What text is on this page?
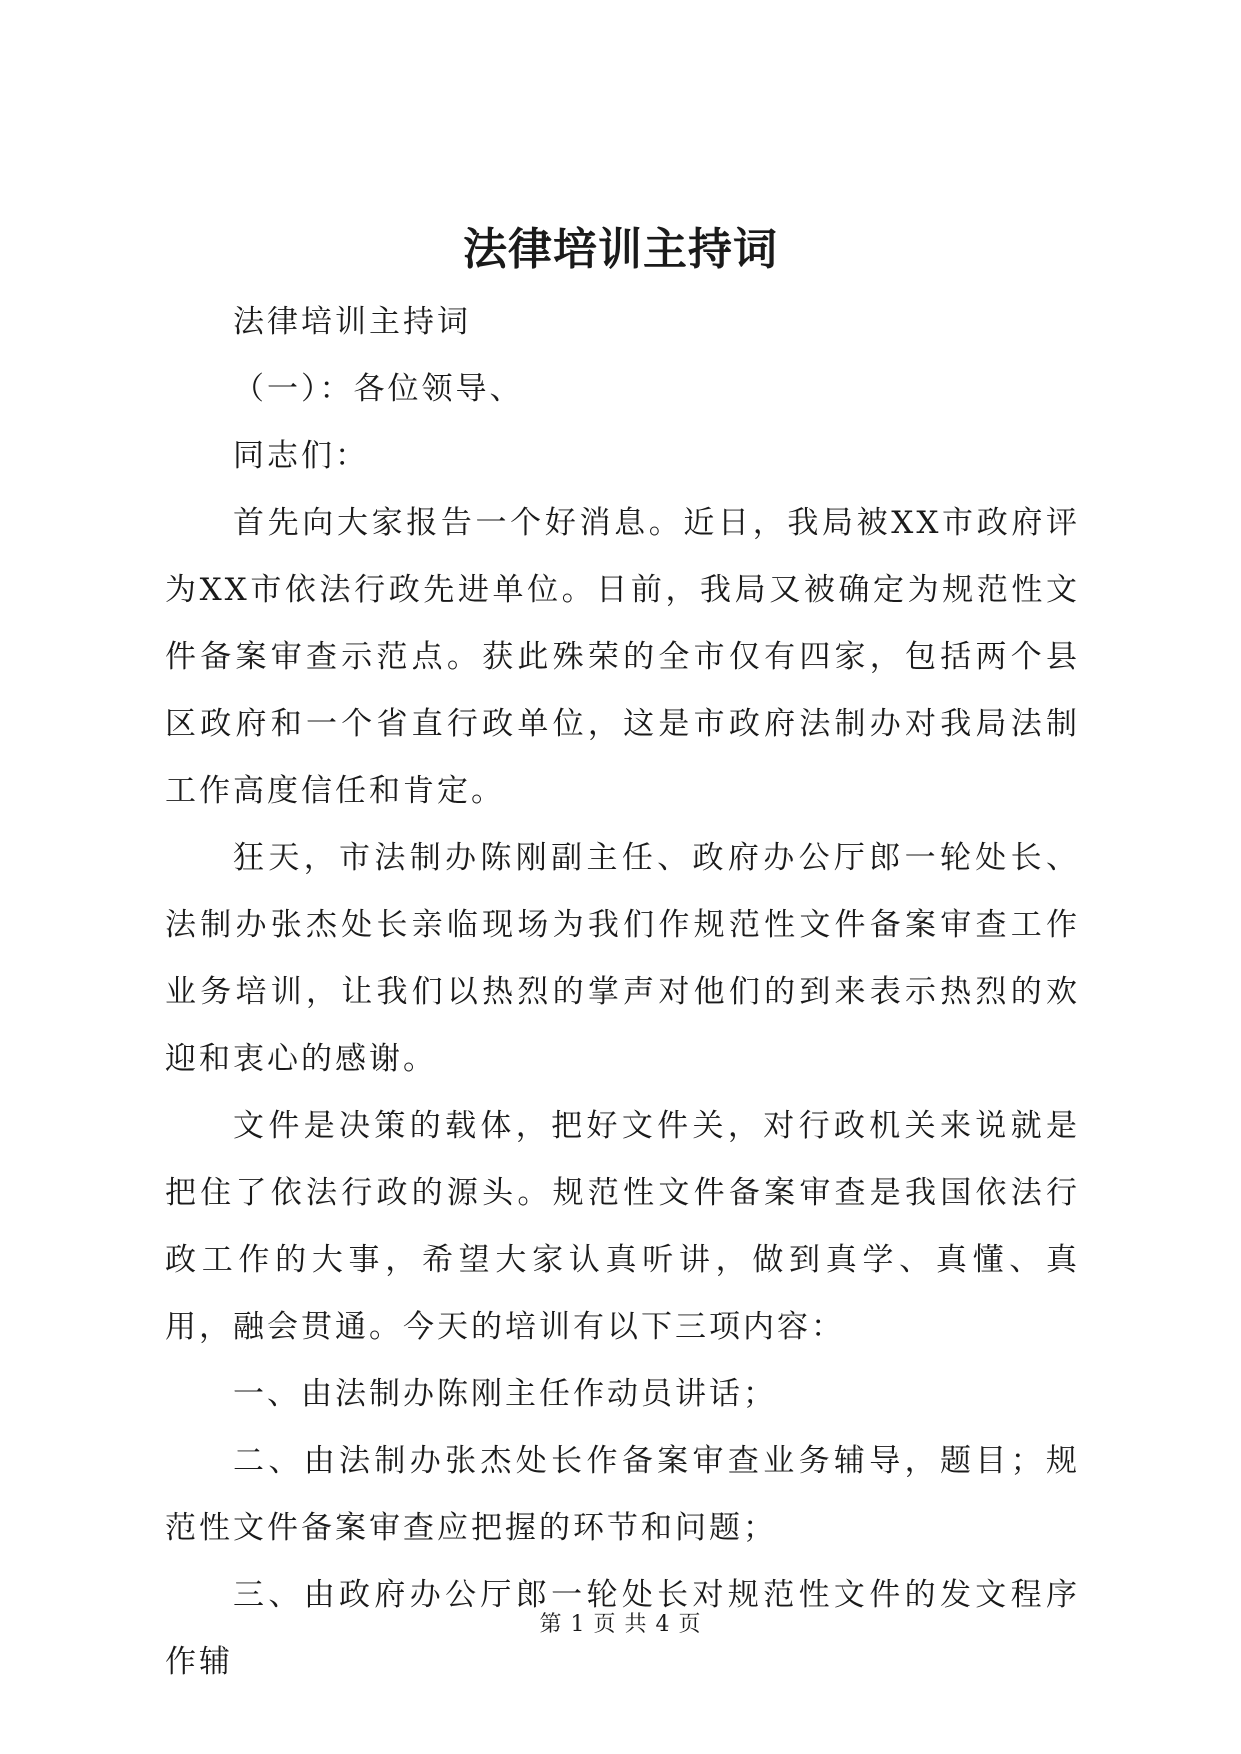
法律培训主持词

法律培训主持词

（一）：各位领导、

同志们：

首先向大家报告一个好消息。近日，我局被XX市政府评为XX市依法行政先进单位。日前，我局又被确定为规范性文件备案审查示范点。获此殊荣的全市仅有四家，包括两个县区政府和一个省直行政单位，这是市政府法制办对我局法制工作高度信任和肯定。

狂天，市法制办陈刚副主任、政府办公厅郎一轮处长、法制办张杰处长亲临现场为我们作规范性文件备案审查工作业务培训，让我们以热烈的掌声对他们的到来表示热烈的欢迎和衷心的感谢。

文件是决策的载体，把好文件关，对行政机关来说就是把住了依法行政的源头。规范性文件备案审查是我国依法行政工作的大事，希望大家认真听讲，做到真学、真懂、真用，融会贯通。今天的培训有以下三项内容：

一、由法制办陈刚主任作动员讲话；

二、由法制办张杰处长作备案审查业务辅导，题目；规范性文件备案审查应把握的环节和问题；

三、由政府办公厅郎一轮处长对规范性文件的发文程序作辅

第 1 页 共 4 页
